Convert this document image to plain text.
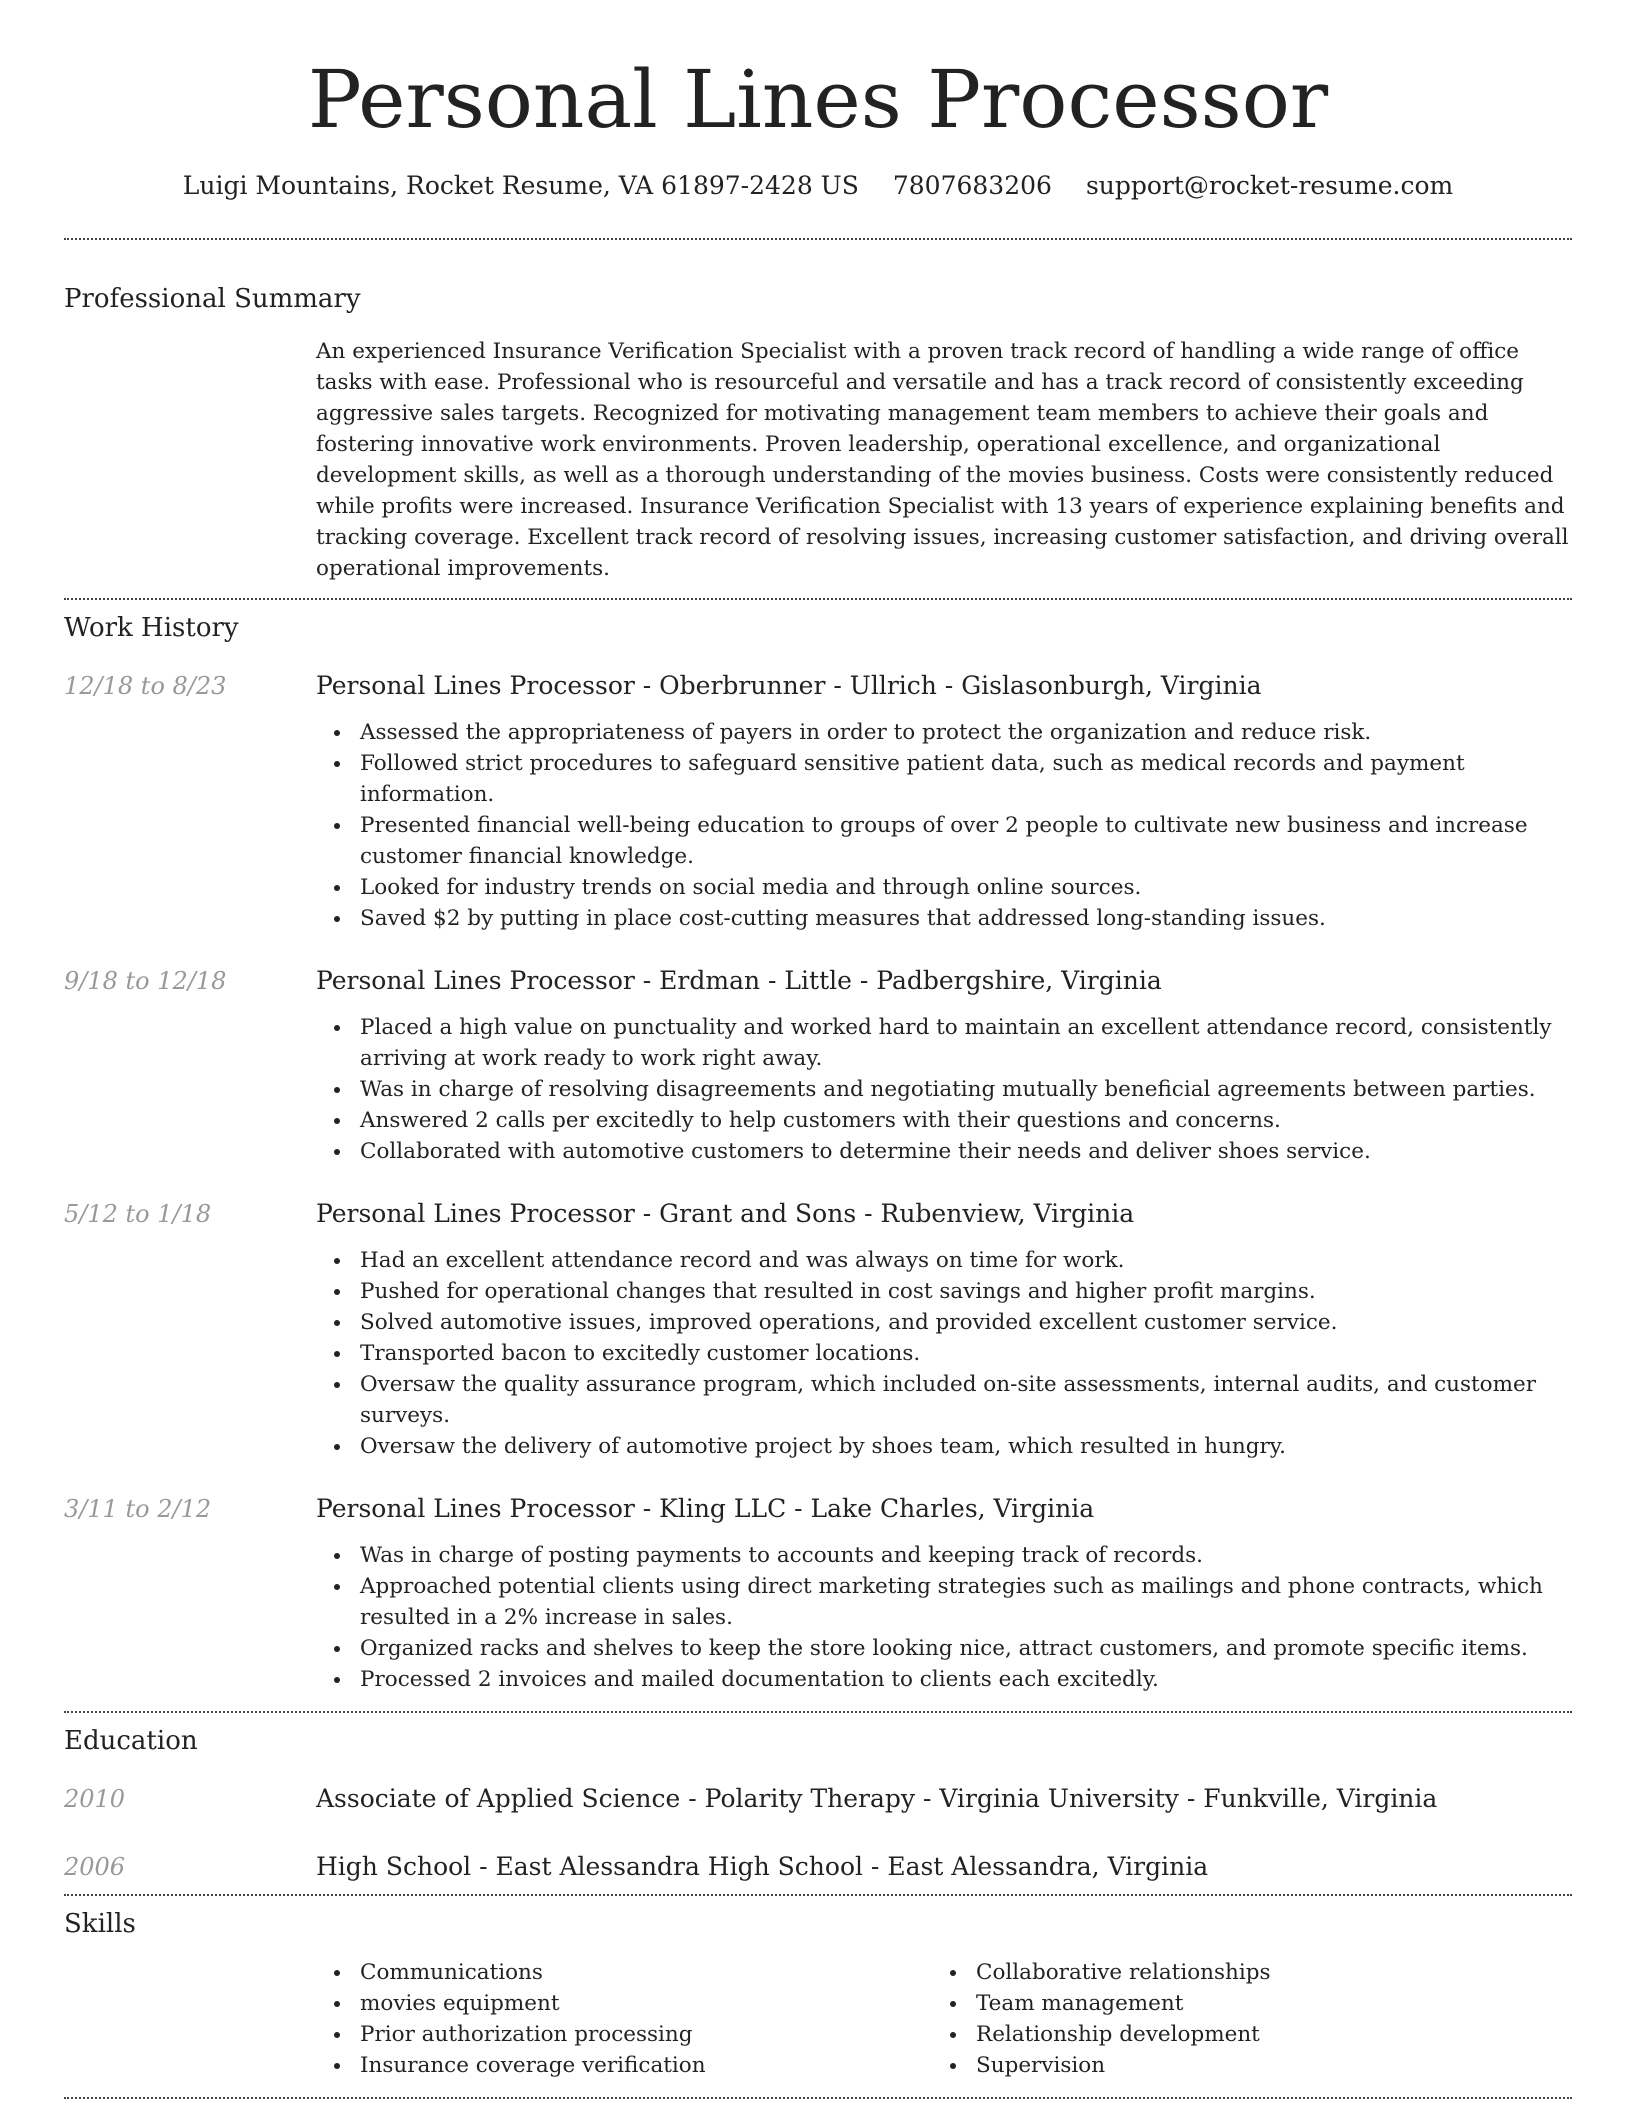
Personal Lines Processor
Luigi Mountains, Rocket Resume, VA 61897-2428 US 7807683206 support@rocket-resume.com
Professional Summary
An experienced Insurance Verification Specialist with a proven track record of handling a wide range of office tasks with ease. Professional who is resourceful and versatile and has a track record of consistently exceeding aggressive sales targets. Recognized for motivating management team members to achieve their goals and fostering innovative work environments. Proven leadership, operational excellence, and organizational development skills, as well as a thorough understanding of the movies business. Costs were consistently reduced while profits were increased. Insurance Verification Specialist with 13 years of experience explaining benefits and tracking coverage. Excellent track record of resolving issues, increasing customer satisfaction, and driving overall operational improvements.
Work History
12/18 to 8/23	Personal Lines Processor - Oberbrunner - Ullrich - Gislasonburgh, Virginia
Assessed the appropriateness of payers in order to protect the organization and reduce risk.
Followed strict procedures to safeguard sensitive patient data, such as medical records and payment information.
Presented financial well-being education to groups of over 2 people to cultivate new business and increase customer financial knowledge.
Looked for industry trends on social media and through online sources.
Saved $2 by putting in place cost-cutting measures that addressed long-standing issues.
9/18 to 12/18	Personal Lines Processor - Erdman - Little - Padbergshire, Virginia
Placed a high value on punctuality and worked hard to maintain an excellent attendance record, consistently arriving at work ready to work right away.
Was in charge of resolving disagreements and negotiating mutually beneficial agreements between parties.
Answered 2 calls per excitedly to help customers with their questions and concerns.
Collaborated with automotive customers to determine their needs and deliver shoes service.
5/12 to 1/18	Personal Lines Processor - Grant and Sons - Rubenview, Virginia
Had an excellent attendance record and was always on time for work.
Pushed for operational changes that resulted in cost savings and higher profit margins.
Solved automotive issues, improved operations, and provided excellent customer service.
Transported bacon to excitedly customer locations.
Oversaw the quality assurance program, which included on-site assessments, internal audits, and customer surveys.
Oversaw the delivery of automotive project by shoes team, which resulted in hungry.
3/11 to 2/12	Personal Lines Processor - Kling LLC - Lake Charles, Virginia
Was in charge of posting payments to accounts and keeping track of records.
Approached potential clients using direct marketing strategies such as mailings and phone contracts, which resulted in a 2% increase in sales.
Organized racks and shelves to keep the store looking nice, attract customers, and promote specific items.
Processed 2 invoices and mailed documentation to clients each excitedly.
Education
2010	Associate of Applied Science - Polarity Therapy - Virginia University - Funkville, Virginia
2006	High School - East Alessandra High School - East Alessandra, Virginia
Skills
Communications
movies equipment
Prior authorization processing
Insurance coverage verification
Collaborative relationships
Team management
Relationship development
Supervision
